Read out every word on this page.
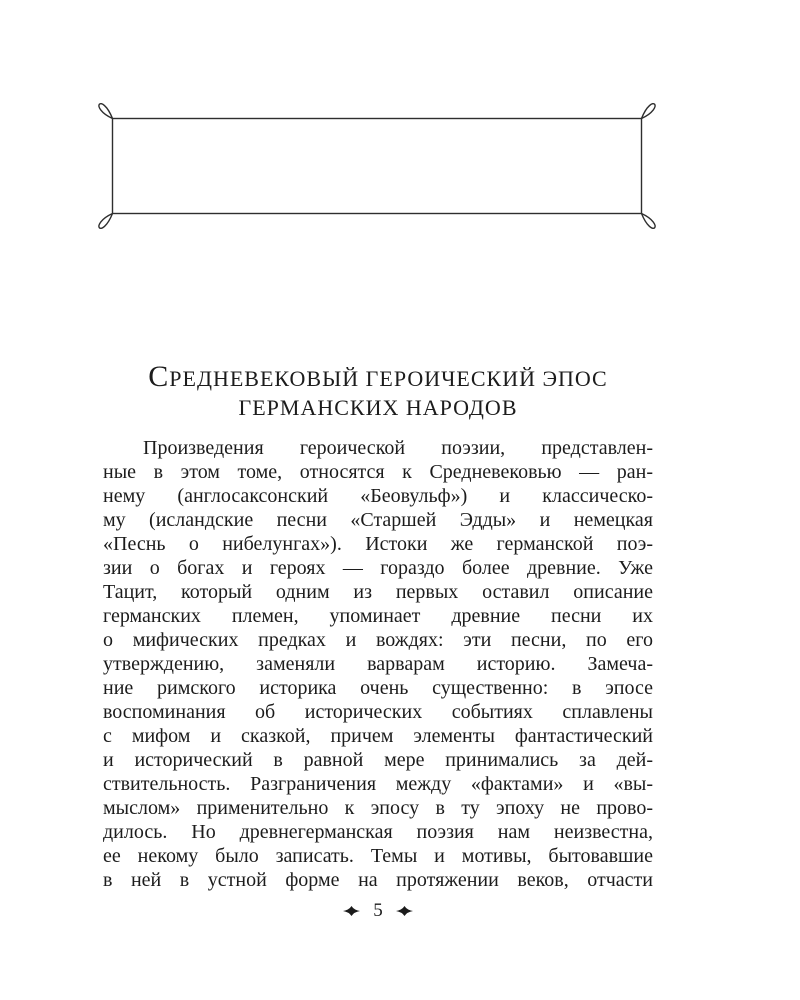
СРЕДНЕВЕКОВЫЙ ГЕРОИЧЕСКИЙ ЭПОС
ГЕРМАНСКИХ НАРОДОВ
Произведения героической поэзии, представлен-
ные в этом томе, относятся к Средневековью — ран-
нему (англосаксонский «Беовульф») и классическо-
му (исландские песни «Старшей Эдды» и немецкая
«Песнь о нибелунгах»). Истоки же германской поэ-
зии о богах и героях — гораздо более древние. Уже
Тацит, который одним из первых оставил описание
германских племен, упоминает древние песни их
о мифических предках и вождях: эти песни, по его
утверждению, заменяли варварам историю. Замеча-
ние римского историка очень существенно: в эпосе
воспоминания об исторических событиях сплавлены
с мифом и сказкой, причем элементы фантастический
и исторический в равной мере принимались за дей-
ствительность. Разграничения между «фактами» и «вы-
мыслом» применительно к эпосу в ту эпоху не прово-
дилось. Но древнегерманская поэзия нам неизвестна,
ее некому было записать. Темы и мотивы, бытовавшие
в ней в устной форме на протяжении веков, отчасти
5
